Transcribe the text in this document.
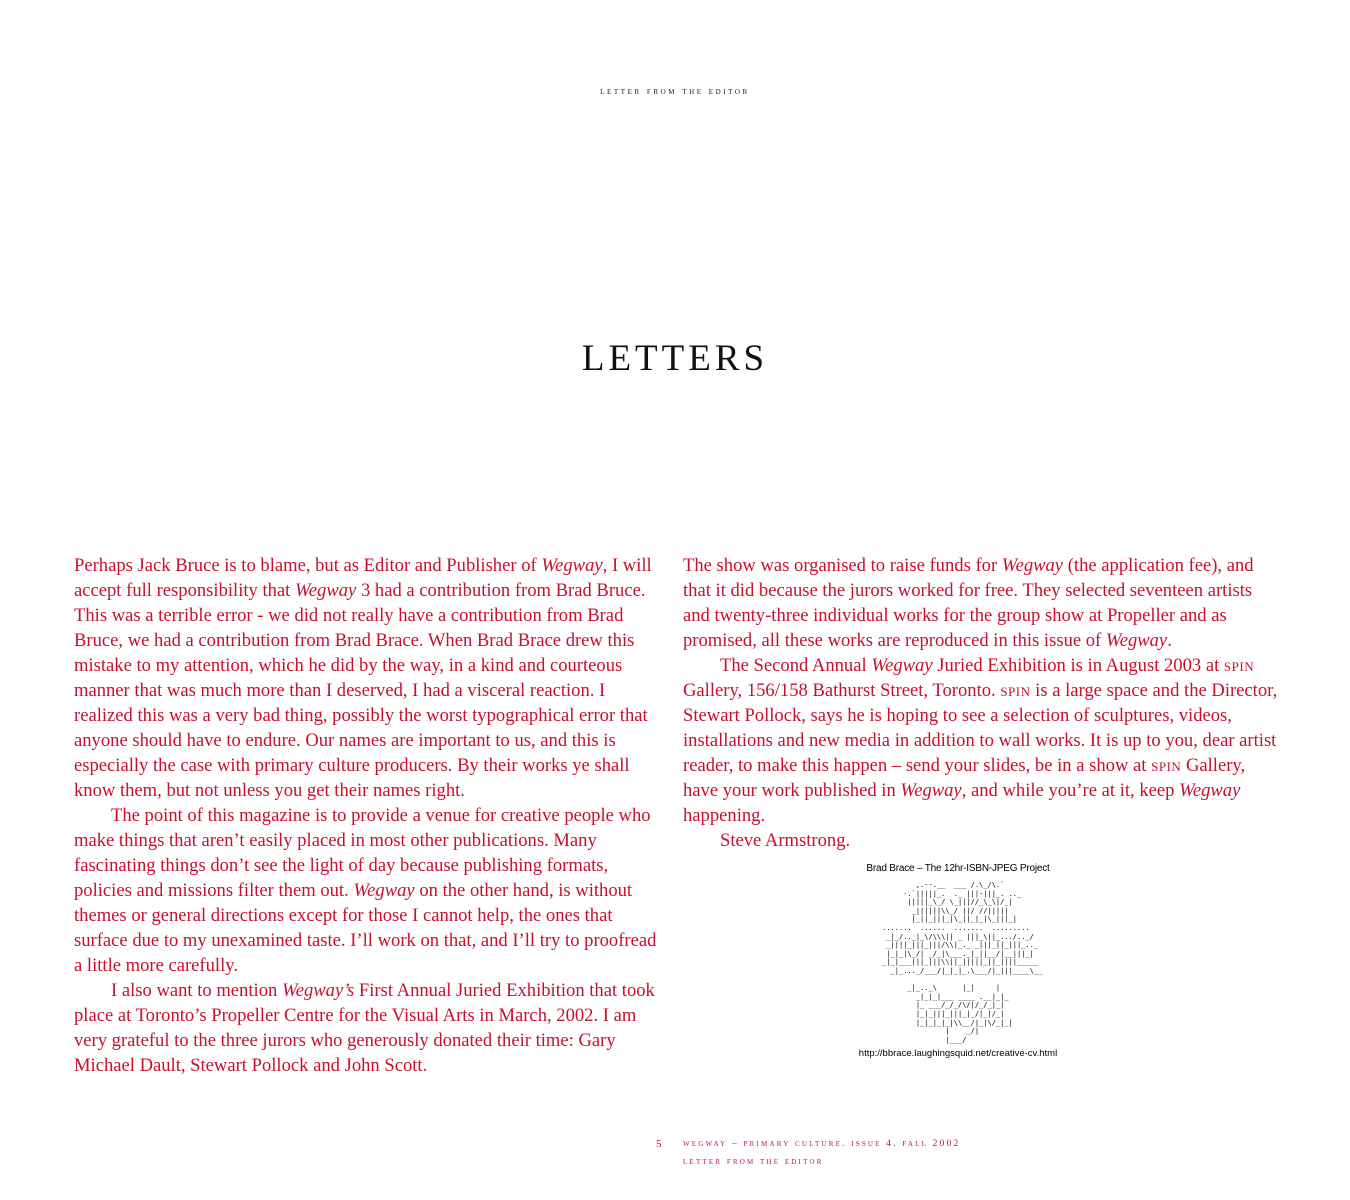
letter from the editor
LETTERS

Perhaps Jack Bruce is to blame, but as Editor and Publisher of Wegway, I will accept full responsibility that Wegway 3 had a contribution from Brad Bruce. This was a terrible error - we did not really have a contribution from Brad Bruce, we had a contribution from Brad Brace. When Brad Brace drew this mistake to my attention, which he did by the way, in a kind and courteous manner that was much more than I deserved, I had a visceral reaction. I realized this was a very bad thing, possibly the worst typographical error that anyone should have to endure. Our names are important to us, and this is especially the case with primary culture producers. By their works ye shall know them, but not unless you get their names right.

The point of this magazine is to provide a venue for creative people who make things that aren’t easily placed in most other publications. Many fascinating things don’t see the light of day because publishing formats, policies and missions filter them out. Wegway on the other hand, is without themes or general directions except for those I cannot help, the ones that surface due to my unexamined taste. I’ll work on that, and I’ll try to proofread a little more carefully.

I also want to mention Wegway’s First Annual Juried Exhibition that took place at Toronto’s Propeller Centre for the Visual Arts in March, 2002. I am very grateful to the three jurors who generously donated their time: Gary Michael Dault, Stewart Pollock and John Scott.

The show was organised to raise funds for Wegway (the application fee), and that it did because the jurors worked for free. They selected seventeen artists and twenty-three individual works for the group show at Propeller and as promised, all these works are reproduced in this issue of Wegway.

The Second Annual Wegway Juried Exhibition is in August 2003 at spin Gallery, 156/158 Bathurst Street, Toronto. spin is a large space and the Director, Stewart Pollock, says he is hoping to see a selection of sculptures, videos, installations and new media in addition to wall works. It is up to you, dear artist reader, to make this happen – send your slides, be in a show at spin Gallery, have your work published in Wegway, and while you’re at it, keep Wegway happening.

Steve Armstrong.

Brad Brace – The 12hr-ISBN-JPEG Project
,.--.__  ___ /.\_/\.`
-.`|||||_.  ._ |||-|||_. .._
|||||_\_/ \_|||//_\_\|/_|
_||||||\\_/ ||/ //|||||
|_||_|||_|\_||_|_|\_|||_|
.......  ......  .......  .........
_|_/.._|_\/\\\|| _ |||_\||_.../.._/
_||||_|||_|||/\\|_._ _|||_||_|||_.._
|_|_|\_/| _/_|\___._|_||__/|__|||_|
_|_|___|||_|||\\||_|||||_||_||||_____
_|_..._/___/|_|_|_.\___/|_|||____\__

_|_.._\      |_|     |
_|_|_|___ ____ .__|_|_
|_ ___/_/_/\/|/_/_|_|
|_|_|||_|||_|_/|_|/_|
|_|_|_|_|\\__/|_|\/_|_|
|    _/|
|___/
http://bbrace.laughingsquid.net/creative-cv.html
5 wegway – primary culture. issue 4. fall 2002
letter from the editor
